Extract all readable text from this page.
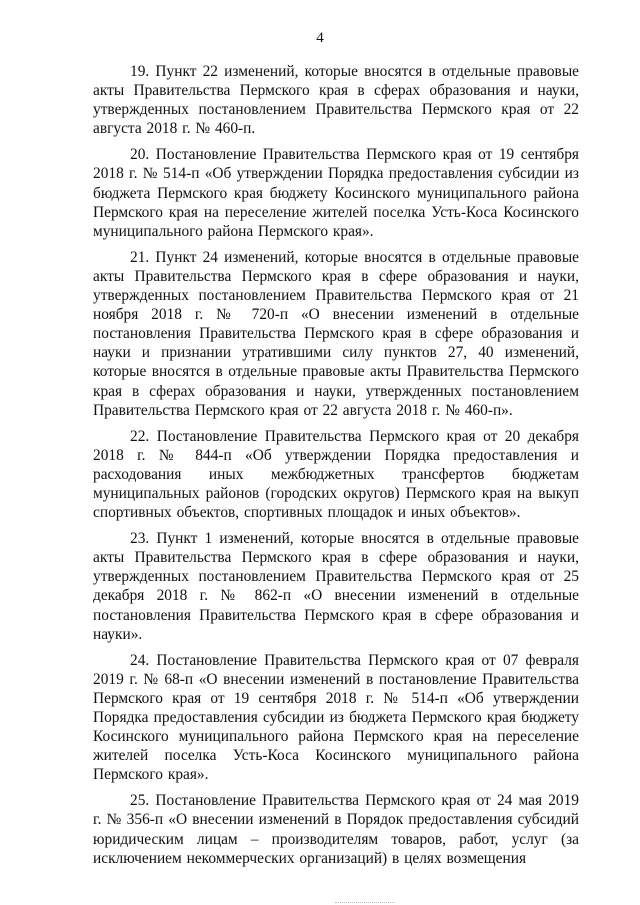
4

19. Пункт 22 изменений, которые вносятся в отдельные правовые акты Правительства Пермского края в сферах образования и науки, утвержденных постановлением Правительства Пермского края от 22 августа 2018 г. № 460-п.

20. Постановление Правительства Пермского края от 19 сентября 2018 г. № 514-п «Об утверждении Порядка предоставления субсидии из бюджета Пермского края бюджету Косинского муниципального района Пермского края на переселение жителей поселка Усть-Коса Косинского муниципального района Пермского края».

21. Пункт 24 изменений, которые вносятся в отдельные правовые акты Правительства Пермского края в сфере образования и науки, утвержденных постановлением Правительства Пермского края от 21 ноября 2018 г. № 720-п «О внесении изменений в отдельные постановления Правительства Пермского края в сфере образования и науки и признании утратившими силу пунктов 27, 40 изменений, которые вносятся в отдельные правовые акты Правительства Пермского края в сферах образования и науки, утвержденных постановлением Правительства Пермского края от 22 августа 2018 г. № 460-п».

22. Постановление Правительства Пермского края от 20 декабря 2018 г. № 844-п «Об утверждении Порядка предоставления и расходования иных межбюджетных трансфертов бюджетам муниципальных районов (городских округов) Пермского края на выкуп спортивных объектов, спортивных площадок и иных объектов».

23. Пункт 1 изменений, которые вносятся в отдельные правовые акты Правительства Пермского края в сфере образования и науки, утвержденных постановлением Правительства Пермского края от 25 декабря 2018 г. № 862-п «О внесении изменений в отдельные постановления Правительства Пермского края в сфере образования и науки».

24. Постановление Правительства Пермского края от 07 февраля 2019 г. № 68-п «О внесении изменений в постановление Правительства Пермского края от 19 сентября 2018 г. № 514-п «Об утверждении Порядка предоставления субсидии из бюджета Пермского края бюджету Косинского муниципального района Пермского края на переселение жителей поселка Усть-Коса Косинского муниципального района Пермского края».

25. Постановление Правительства Пермского края от 24 мая 2019 г. № 356-п «О внесении изменений в Порядок предоставления субсидий юридическим лицам – производителям товаров, работ, услуг (за исключением некоммерческих организаций) в целях возмещения
